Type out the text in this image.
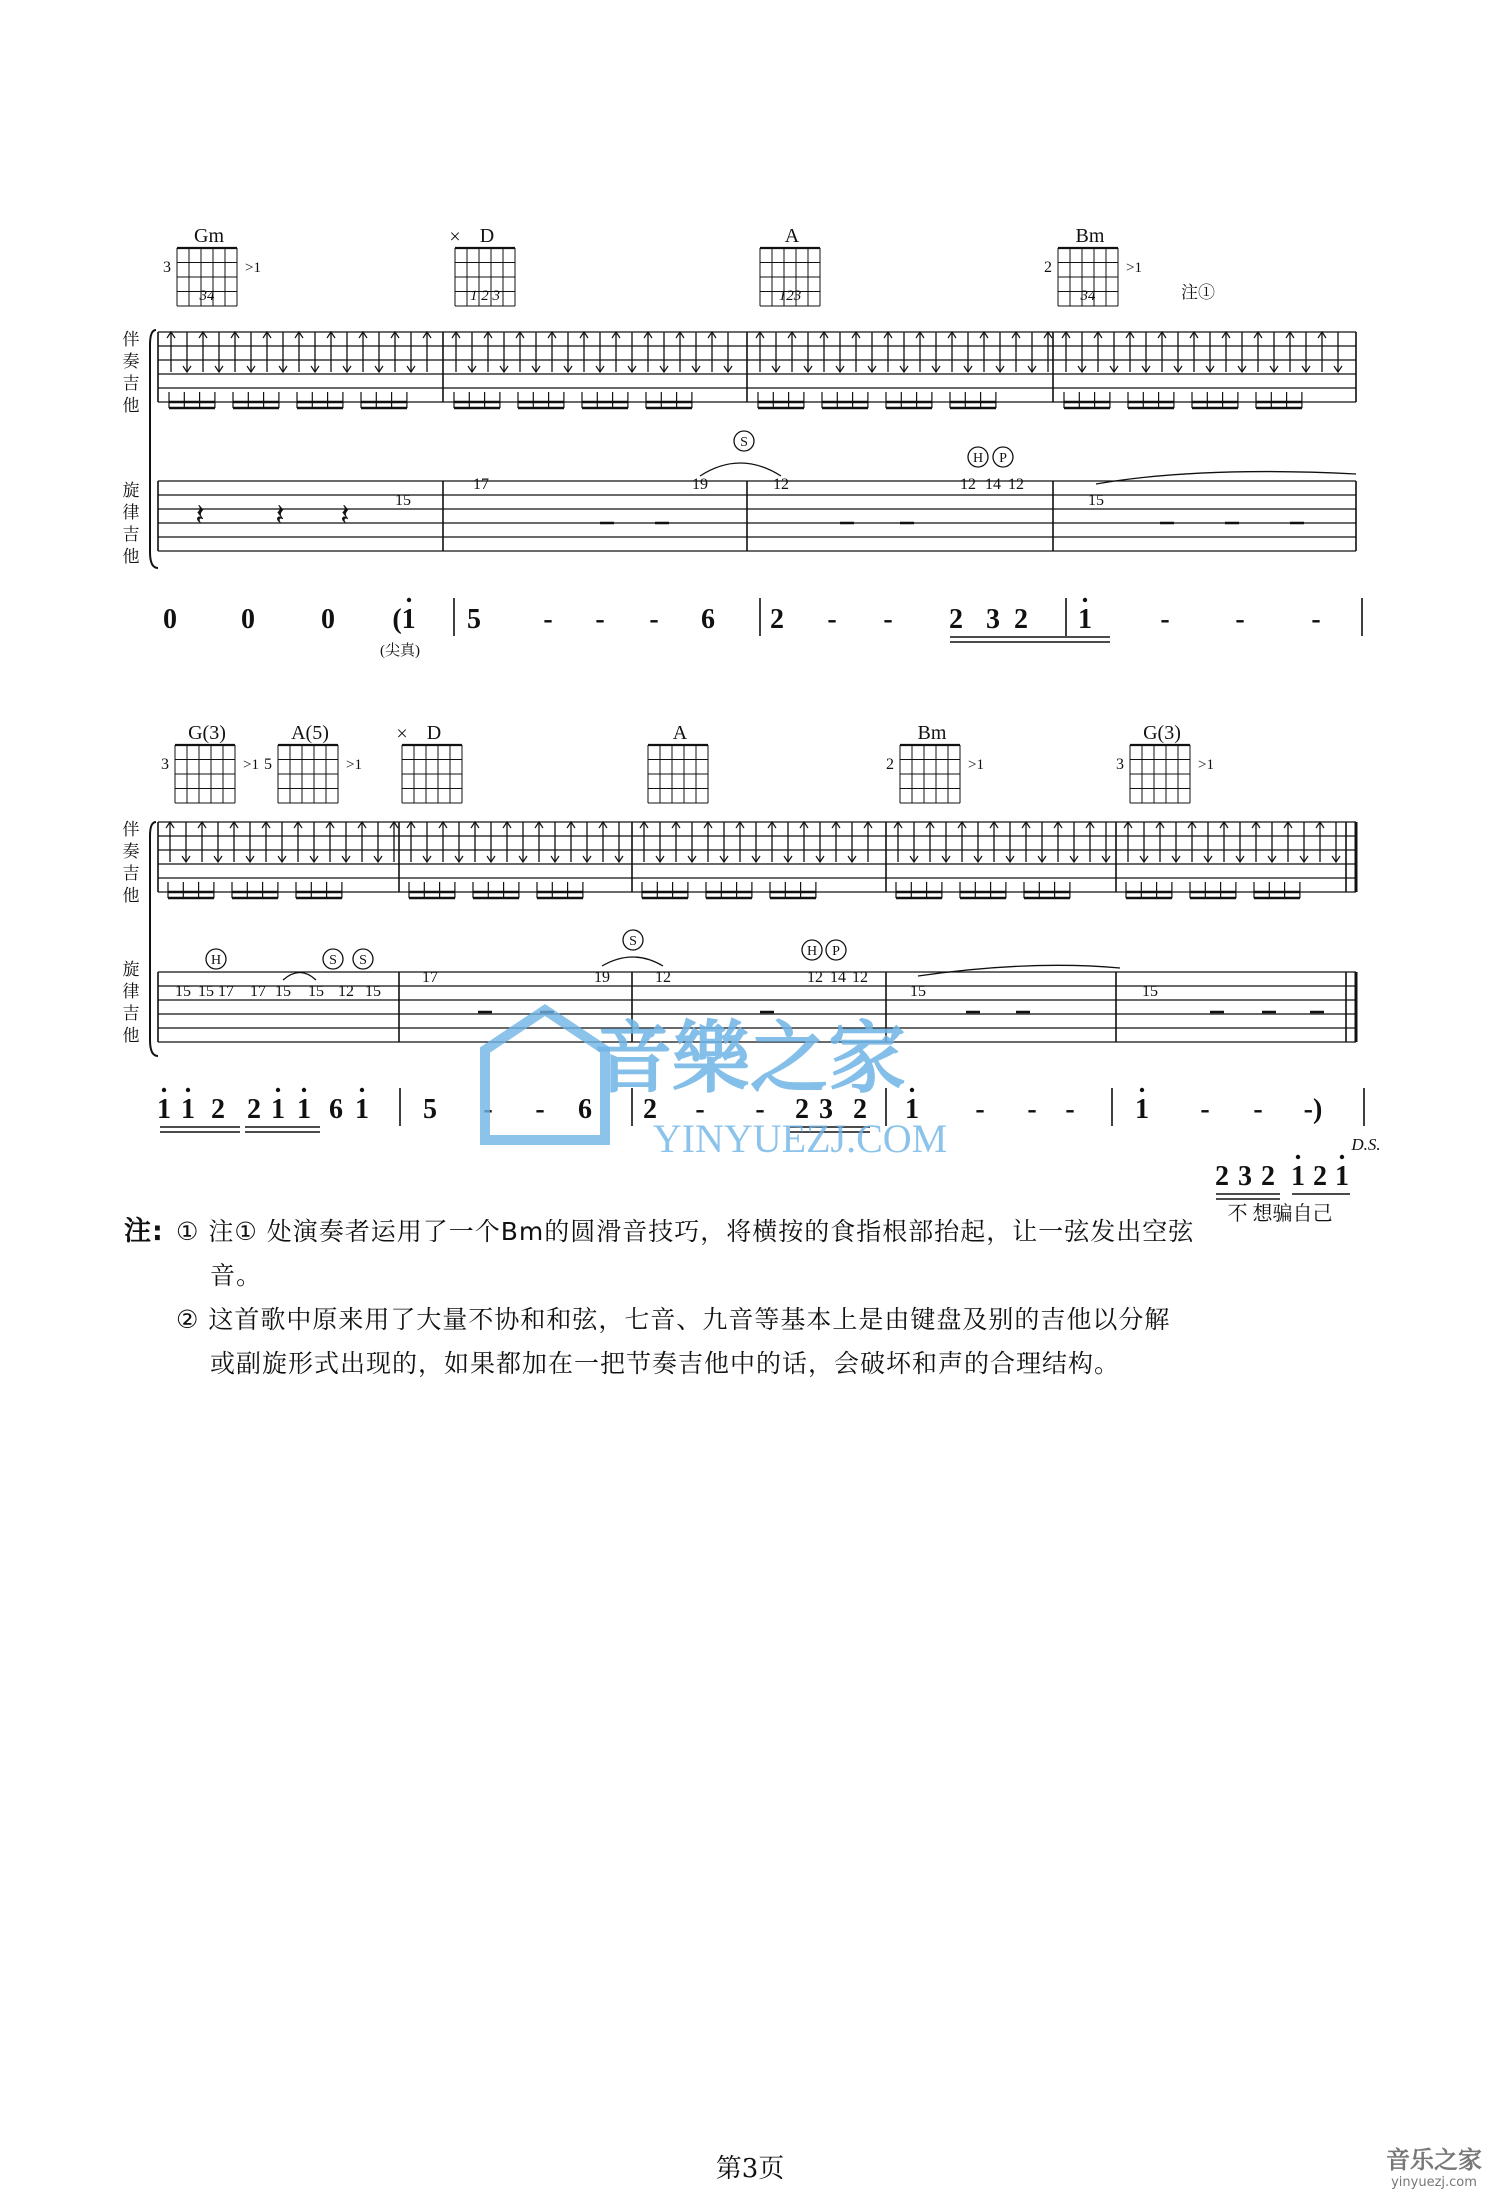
Gm
3	>1
34
D
1 2 3
A
123
Bm
2	>1
34
×
注①
伴
奏
吉
他
旋
律
吉
他
𝄽 𝄽 𝄽	15
17	19	12	12 14 12
15
S
H P
0 0 0 (1 5 - - - 6 2 - - 2 3 2 1 - - -
(尖真)
G(3)
3	>1
A(5)
5	>1
D	A	Bm
2	>1
G(3)
3	>1
×
伴
奏
吉
他
旋
律
吉
他
15 15 17 17 15 15 12 15
17	19	12	12 14 12
15	15
H	S S
S
H P
1 1 2 2 1 1 6 1 5 - - 6 2 - - 2 3 2 1 - - - 1 - - -)
2 3 2 1 2 1
D.S.
不 想骗自己
音樂之家
YINYUEZJ.COM
注: ① 注① 处演奏者运用了一个Bm的圆滑音技巧，将横按的食指根部抬起，让一弦发出空弦
音。
② 这首歌中原来用了大量不协和和弦，七音、九音等基本上是由键盘及别的吉他以分解
或副旋形式出现的，如果都加在一把节奏吉他中的话，会破坏和声的合理结构。
第3页	音乐之家
yinyuezj.com
